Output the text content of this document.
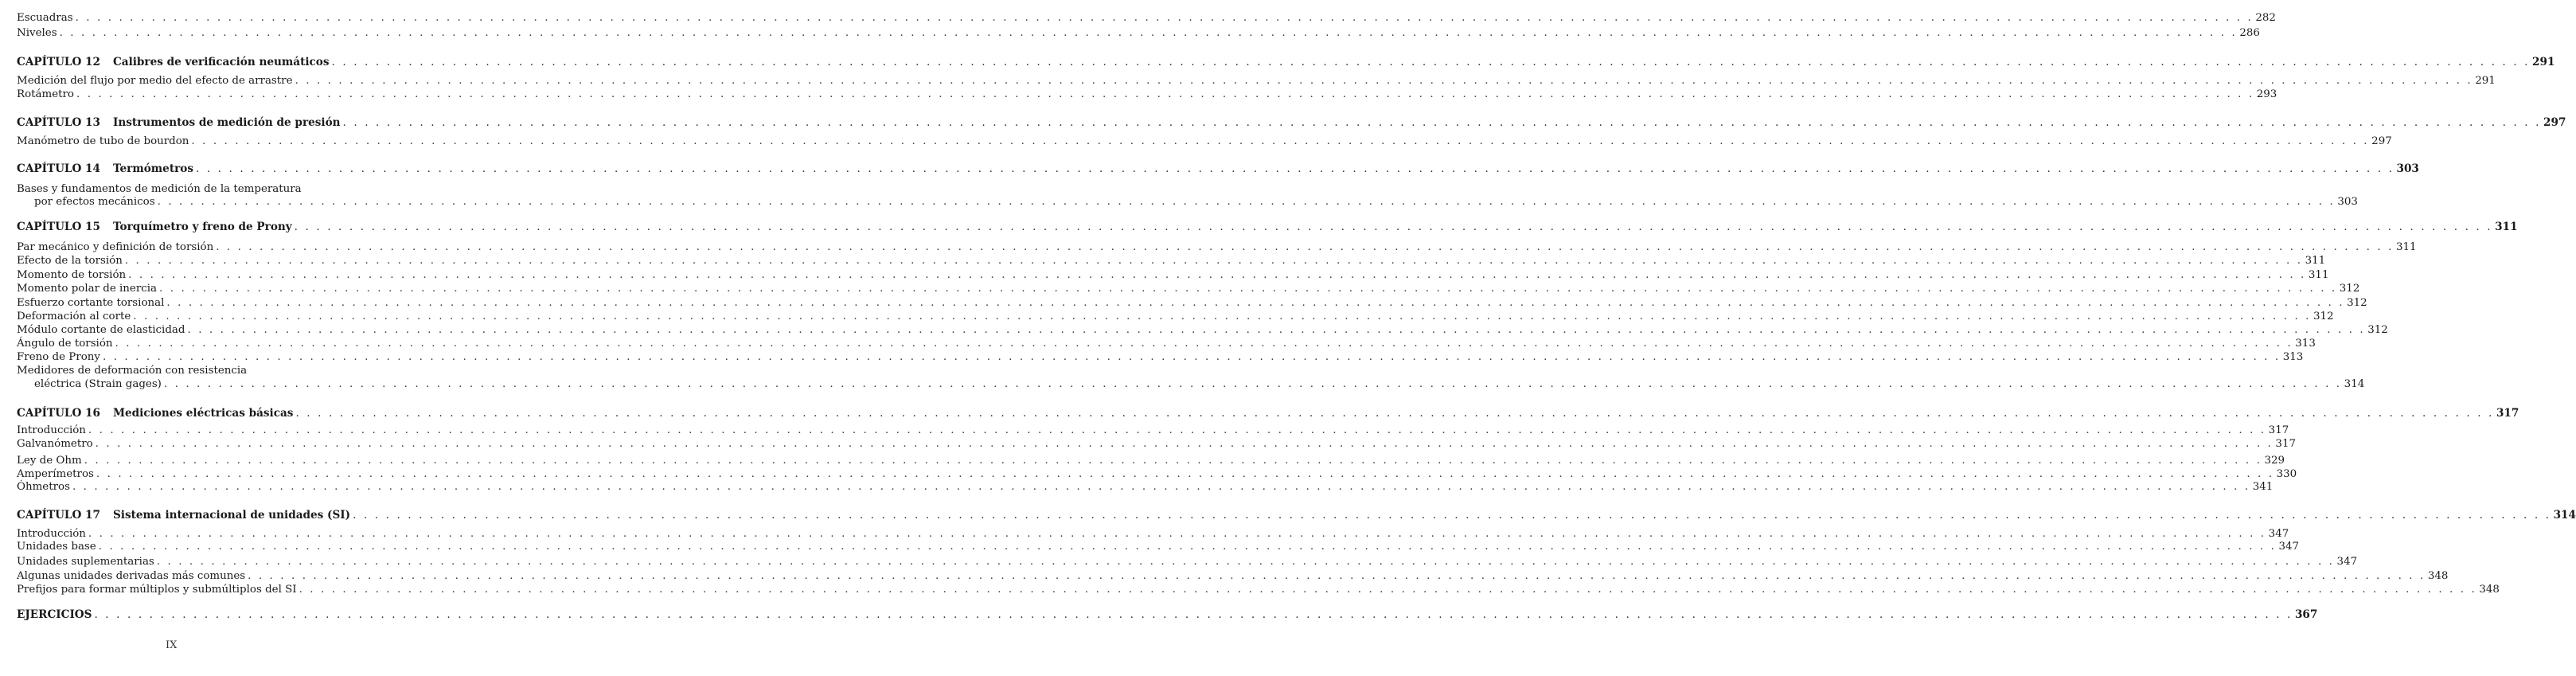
Escuadras . . . . . . . . . . . . . . . . . . . . . . . . . . . . . . . . . . . . . . . . . . . . . . . . . . . . . . . . . . . . . . . . . . . . . . . . . . . . . . . . . . . . . . . . . . . . . . . . . . . . . . . . . . . . . . . . . . . . . . . . . . . . . . . . . . . . . . . . . . . . . . . . . . . . . . . . . . . . . . . . . . . . . . . . . . . . . . . . . . . . . . . . . . . . . . . . . . . . . . . . 282
Niveles . . . . . . . . . . . . . . . . . . . . . . . . . . . . . . . . . . . . . . . . . . . . . . . . . . . . . . . . . . . . . . . . . . . . . . . . . . . . . . . . . . . . . . . . . . . . . . . . . . . . . . . . . . . . . . . . . . . . . . . . . . . . . . . . . . . . . . . . . . . . . . . . . . . . . . . . . . . . . . . . . . . . . . . . . . . . . . . . . . . . . . . . . . . . . . . . . . . . . . . . 286
CAPÍTULO 12 Calibres de verificación neumáticos . . . . . . . . . . . . . . . . . . . . . . . . . . . . . . . . . . . . . . . . . . . . . . . . . . . . . . . . . . . . . . . . . . . . . . . . . . . . . . . . . . . . . . . . . . . . . . . . . . . . . . . . . . . . . . . . . . . . . . . . . . . . . . . . . . . . . . . . . . . . . . . . . . . . . . . . . . . . . . . . . . . . . . . . . . . . . . . . . . . . . . . . . . . . . . . . . . . . . . . . 291
Medición del flujo por medio del efecto de arrastre . . . . . . . . . . . . . . . . . . . . . . . . . . . . . . . . . . . . . . . . . . . . . . . . . . . . . . . . . . . . . . . . . . . . . . . . . . . . . . . . . . . . . . . . . . . . . . . . . . . . . . . . . . . . . . . . . . . . . . . . . . . . . . . . . . . . . . . . . . . . . . . . . . . . . . . . . . . . . . . . . . . . . . . . . . . . . . . . . . . . . . . . . . . . . . . . . . . . . . . . 291
Rotámetro . . . . . . . . . . . . . . . . . . . . . . . . . . . . . . . . . . . . . . . . . . . . . . . . . . . . . . . . . . . . . . . . . . . . . . . . . . . . . . . . . . . . . . . . . . . . . . . . . . . . . . . . . . . . . . . . . . . . . . . . . . . . . . . . . . . . . . . . . . . . . . . . . . . . . . . . . . . . . . . . . . . . . . . . . . . . . . . . . . . . . . . . . . . . . . . . . . . . . . . . 293
CAPÍTULO 13 Instrumentos de medición de presión . . . . . . . . . . . . . . . . . . . . . . . . . . . . . . . . . . . . . . . . . . . . . . . . . . . . . . . . . . . . . . . . . . . . . . . . . . . . . . . . . . . . . . . . . . . . . . . . . . . . . . . . . . . . . . . . . . . . . . . . . . . . . . . . . . . . . . . . . . . . . . . . . . . . . . . . . . . . . . . . . . . . . . . . . . . . . . . . . . . . . . . . . . . . . . . . . . . . . . . . 297
Manómetro de tubo de bourdon . . . . . . . . . . . . . . . . . . . . . . . . . . . . . . . . . . . . . . . . . . . . . . . . . . . . . . . . . . . . . . . . . . . . . . . . . . . . . . . . . . . . . . . . . . . . . . . . . . . . . . . . . . . . . . . . . . . . . . . . . . . . . . . . . . . . . . . . . . . . . . . . . . . . . . . . . . . . . . . . . . . . . . . . . . . . . . . . . . . . . . . . . . . . . . . . . . . . . . . . 297
CAPÍTULO 14 Termómetros . . . . . . . . . . . . . . . . . . . . . . . . . . . . . . . . . . . . . . . . . . . . . . . . . . . . . . . . . . . . . . . . . . . . . . . . . . . . . . . . . . . . . . . . . . . . . . . . . . . . . . . . . . . . . . . . . . . . . . . . . . . . . . . . . . . . . . . . . . . . . . . . . . . . . . . . . . . . . . . . . . . . . . . . . . . . . . . . . . . . . . . . . . . . . . . . . . . . . . . . 303
Bases y fundamentos de medición de la temperatura
por efectos mecánicos . . . . . . . . . . . . . . . . . . . . . . . . . . . . . . . . . . . . . . . . . . . . . . . . . . . . . . . . . . . . . . . . . . . . . . . . . . . . . . . . . . . . . . . . . . . . . . . . . . . . . . . . . . . . . . . . . . . . . . . . . . . . . . . . . . . . . . . . . . . . . . . . . . . . . . . . . . . . . . . . . . . . . . . . . . . . . . . . . . . . . . . . . . . . . . . . . . . . . . . . 303
CAPÍTULO 15 Torquímetro y freno de Prony . . . . . . . . . . . . . . . . . . . . . . . . . . . . . . . . . . . . . . . . . . . . . . . . . . . . . . . . . . . . . . . . . . . . . . . . . . . . . . . . . . . . . . . . . . . . . . . . . . . . . . . . . . . . . . . . . . . . . . . . . . . . . . . . . . . . . . . . . . . . . . . . . . . . . . . . . . . . . . . . . . . . . . . . . . . . . . . . . . . . . . . . . . . . . . . . . . . . . . . . 311
Par mecánico y definición de torsión . . . . . . . . . . . . . . . . . . . . . . . . . . . . . . . . . . . . . . . . . . . . . . . . . . . . . . . . . . . . . . . . . . . . . . . . . . . . . . . . . . . . . . . . . . . . . . . . . . . . . . . . . . . . . . . . . . . . . . . . . . . . . . . . . . . . . . . . . . . . . . . . . . . . . . . . . . . . . . . . . . . . . . . . . . . . . . . . . . . . . . . . . . . . . . . . . . . . . . . . 311
Efecto de la torsión . . . . . . . . . . . . . . . . . . . . . . . . . . . . . . . . . . . . . . . . . . . . . . . . . . . . . . . . . . . . . . . . . . . . . . . . . . . . . . . . . . . . . . . . . . . . . . . . . . . . . . . . . . . . . . . . . . . . . . . . . . . . . . . . . . . . . . . . . . . . . . . . . . . . . . . . . . . . . . . . . . . . . . . . . . . . . . . . . . . . . . . . . . . . . . . . . . . . . . . . 311
Momento de torsión . . . . . . . . . . . . . . . . . . . . . . . . . . . . . . . . . . . . . . . . . . . . . . . . . . . . . . . . . . . . . . . . . . . . . . . . . . . . . . . . . . . . . . . . . . . . . . . . . . . . . . . . . . . . . . . . . . . . . . . . . . . . . . . . . . . . . . . . . . . . . . . . . . . . . . . . . . . . . . . . . . . . . . . . . . . . . . . . . . . . . . . . . . . . . . . . . . . . . . . . 311
Momento polar de inercia . . . . . . . . . . . . . . . . . . . . . . . . . . . . . . . . . . . . . . . . . . . . . . . . . . . . . . . . . . . . . . . . . . . . . . . . . . . . . . . . . . . . . . . . . . . . . . . . . . . . . . . . . . . . . . . . . . . . . . . . . . . . . . . . . . . . . . . . . . . . . . . . . . . . . . . . . . . . . . . . . . . . . . . . . . . . . . . . . . . . . . . . . . . . . . . . . . . . . . . . 312
Esfuerzo cortante torsional . . . . . . . . . . . . . . . . . . . . . . . . . . . . . . . . . . . . . . . . . . . . . . . . . . . . . . . . . . . . . . . . . . . . . . . . . . . . . . . . . . . . . . . . . . . . . . . . . . . . . . . . . . . . . . . . . . . . . . . . . . . . . . . . . . . . . . . . . . . . . . . . . . . . . . . . . . . . . . . . . . . . . . . . . . . . . . . . . . . . . . . . . . . . . . . . . . . . . . . . 312
Deformación al corte . . . . . . . . . . . . . . . . . . . . . . . . . . . . . . . . . . . . . . . . . . . . . . . . . . . . . . . . . . . . . . . . . . . . . . . . . . . . . . . . . . . . . . . . . . . . . . . . . . . . . . . . . . . . . . . . . . . . . . . . . . . . . . . . . . . . . . . . . . . . . . . . . . . . . . . . . . . . . . . . . . . . . . . . . . . . . . . . . . . . . . . . . . . . . . . . . . . . . . . . 312
Módulo cortante de elasticidad . . . . . . . . . . . . . . . . . . . . . . . . . . . . . . . . . . . . . . . . . . . . . . . . . . . . . . . . . . . . . . . . . . . . . . . . . . . . . . . . . . . . . . . . . . . . . . . . . . . . . . . . . . . . . . . . . . . . . . . . . . . . . . . . . . . . . . . . . . . . . . . . . . . . . . . . . . . . . . . . . . . . . . . . . . . . . . . . . . . . . . . . . . . . . . . . . . . . . . . . 312
Ángulo de torsión . . . . . . . . . . . . . . . . . . . . . . . . . . . . . . . . . . . . . . . . . . . . . . . . . . . . . . . . . . . . . . . . . . . . . . . . . . . . . . . . . . . . . . . . . . . . . . . . . . . . . . . . . . . . . . . . . . . . . . . . . . . . . . . . . . . . . . . . . . . . . . . . . . . . . . . . . . . . . . . . . . . . . . . . . . . . . . . . . . . . . . . . . . . . . . . . . . . . . . . . 313
Freno de Prony . . . . . . . . . . . . . . . . . . . . . . . . . . . . . . . . . . . . . . . . . . . . . . . . . . . . . . . . . . . . . . . . . . . . . . . . . . . . . . . . . . . . . . . . . . . . . . . . . . . . . . . . . . . . . . . . . . . . . . . . . . . . . . . . . . . . . . . . . . . . . . . . . . . . . . . . . . . . . . . . . . . . . . . . . . . . . . . . . . . . . . . . . . . . . . . . . . . . . . . . 313
Medidores de deformación con resistencia
eléctrica (Strain gages) . . . . . . . . . . . . . . . . . . . . . . . . . . . . . . . . . . . . . . . . . . . . . . . . . . . . . . . . . . . . . . . . . . . . . . . . . . . . . . . . . . . . . . . . . . . . . . . . . . . . . . . . . . . . . . . . . . . . . . . . . . . . . . . . . . . . . . . . . . . . . . . . . . . . . . . . . . . . . . . . . . . . . . . . . . . . . . . . . . . . . . . . . . . . . . . . . . . . . . . . 314
CAPÍTULO 16 Mediciones eléctricas básicas . . . . . . . . . . . . . . . . . . . . . . . . . . . . . . . . . . . . . . . . . . . . . . . . . . . . . . . . . . . . . . . . . . . . . . . . . . . . . . . . . . . . . . . . . . . . . . . . . . . . . . . . . . . . . . . . . . . . . . . . . . . . . . . . . . . . . . . . . . . . . . . . . . . . . . . . . . . . . . . . . . . . . . . . . . . . . . . . . . . . . . . . . . . . . . . . . . . . . . . . 317
Introducción . . . . . . . . . . . . . . . . . . . . . . . . . . . . . . . . . . . . . . . . . . . . . . . . . . . . . . . . . . . . . . . . . . . . . . . . . . . . . . . . . . . . . . . . . . . . . . . . . . . . . . . . . . . . . . . . . . . . . . . . . . . . . . . . . . . . . . . . . . . . . . . . . . . . . . . . . . . . . . . . . . . . . . . . . . . . . . . . . . . . . . . . . . . . . . . . . . . . . . . . 317
Galvanómetro . . . . . . . . . . . . . . . . . . . . . . . . . . . . . . . . . . . . . . . . . . . . . . . . . . . . . . . . . . . . . . . . . . . . . . . . . . . . . . . . . . . . . . . . . . . . . . . . . . . . . . . . . . . . . . . . . . . . . . . . . . . . . . . . . . . . . . . . . . . . . . . . . . . . . . . . . . . . . . . . . . . . . . . . . . . . . . . . . . . . . . . . . . . . . . . . . . . . . . . . 317
Ley de Ohm . . . . . . . . . . . . . . . . . . . . . . . . . . . . . . . . . . . . . . . . . . . . . . . . . . . . . . . . . . . . . . . . . . . . . . . . . . . . . . . . . . . . . . . . . . . . . . . . . . . . . . . . . . . . . . . . . . . . . . . . . . . . . . . . . . . . . . . . . . . . . . . . . . . . . . . . . . . . . . . . . . . . . . . . . . . . . . . . . . . . . . . . . . . . . . . . . . . . . . . . 329
Amperímetros . . . . . . . . . . . . . . . . . . . . . . . . . . . . . . . . . . . . . . . . . . . . . . . . . . . . . . . . . . . . . . . . . . . . . . . . . . . . . . . . . . . . . . . . . . . . . . . . . . . . . . . . . . . . . . . . . . . . . . . . . . . . . . . . . . . . . . . . . . . . . . . . . . . . . . . . . . . . . . . . . . . . . . . . . . . . . . . . . . . . . . . . . . . . . . . . . . . . . . . . 330
Óhmetros . . . . . . . . . . . . . . . . . . . . . . . . . . . . . . . . . . . . . . . . . . . . . . . . . . . . . . . . . . . . . . . . . . . . . . . . . . . . . . . . . . . . . . . . . . . . . . . . . . . . . . . . . . . . . . . . . . . . . . . . . . . . . . . . . . . . . . . . . . . . . . . . . . . . . . . . . . . . . . . . . . . . . . . . . . . . . . . . . . . . . . . . . . . . . . . . . . . . . . . . 341
CAPÍTULO 17 Sistema internacional de unidades (SI) . . . . . . . . . . . . . . . . . . . . . . . . . . . . . . . . . . . . . . . . . . . . . . . . . . . . . . . . . . . . . . . . . . . . . . . . . . . . . . . . . . . . . . . . . . . . . . . . . . . . . . . . . . . . . . . . . . . . . . . . . . . . . . . . . . . . . . . . . . . . . . . . . . . . . . . . . . . . . . . . . . . . . . . . . . . . . . . . . . . . . . . . . . . . . . . . . . . . . . . . 314
Introducción . . . . . . . . . . . . . . . . . . . . . . . . . . . . . . . . . . . . . . . . . . . . . . . . . . . . . . . . . . . . . . . . . . . . . . . . . . . . . . . . . . . . . . . . . . . . . . . . . . . . . . . . . . . . . . . . . . . . . . . . . . . . . . . . . . . . . . . . . . . . . . . . . . . . . . . . . . . . . . . . . . . . . . . . . . . . . . . . . . . . . . . . . . . . . . . . . . . . . . . . 347
Unidades base . . . . . . . . . . . . . . . . . . . . . . . . . . . . . . . . . . . . . . . . . . . . . . . . . . . . . . . . . . . . . . . . . . . . . . . . . . . . . . . . . . . . . . . . . . . . . . . . . . . . . . . . . . . . . . . . . . . . . . . . . . . . . . . . . . . . . . . . . . . . . . . . . . . . . . . . . . . . . . . . . . . . . . . . . . . . . . . . . . . . . . . . . . . . . . . . . . . . . . . . 347
Unidades suplementarias . . . . . . . . . . . . . . . . . . . . . . . . . . . . . . . . . . . . . . . . . . . . . . . . . . . . . . . . . . . . . . . . . . . . . . . . . . . . . . . . . . . . . . . . . . . . . . . . . . . . . . . . . . . . . . . . . . . . . . . . . . . . . . . . . . . . . . . . . . . . . . . . . . . . . . . . . . . . . . . . . . . . . . . . . . . . . . . . . . . . . . . . . . . . . . . . . . . . . . . . 347
Algunas unidades derivadas más comunes . . . . . . . . . . . . . . . . . . . . . . . . . . . . . . . . . . . . . . . . . . . . . . . . . . . . . . . . . . . . . . . . . . . . . . . . . . . . . . . . . . . . . . . . . . . . . . . . . . . . . . . . . . . . . . . . . . . . . . . . . . . . . . . . . . . . . . . . . . . . . . . . . . . . . . . . . . . . . . . . . . . . . . . . . . . . . . . . . . . . . . . . . . . . . . . . . . . . . . . . 348
Prefijos para formar múltiplos y submúltiplos del SI . . . . . . . . . . . . . . . . . . . . . . . . . . . . . . . . . . . . . . . . . . . . . . . . . . . . . . . . . . . . . . . . . . . . . . . . . . . . . . . . . . . . . . . . . . . . . . . . . . . . . . . . . . . . . . . . . . . . . . . . . . . . . . . . . . . . . . . . . . . . . . . . . . . . . . . . . . . . . . . . . . . . . . . . . . . . . . . . . . . . . . . . . . . . . . . . . . . . . . . . 348
EJERCICIOS . . . . . . . . . . . . . . . . . . . . . . . . . . . . . . . . . . . . . . . . . . . . . . . . . . . . . . . . . . . . . . . . . . . . . . . . . . . . . . . . . . . . . . . . . . . . . . . . . . . . . . . . . . . . . . . . . . . . . . . . . . . . . . . . . . . . . . . . . . . . . . . . . . . . . . . . . . . . . . . . . . . . . . . . . . . . . . . . . . . . . . . . . . . . . . . . . . . . . . . . 367
IX
